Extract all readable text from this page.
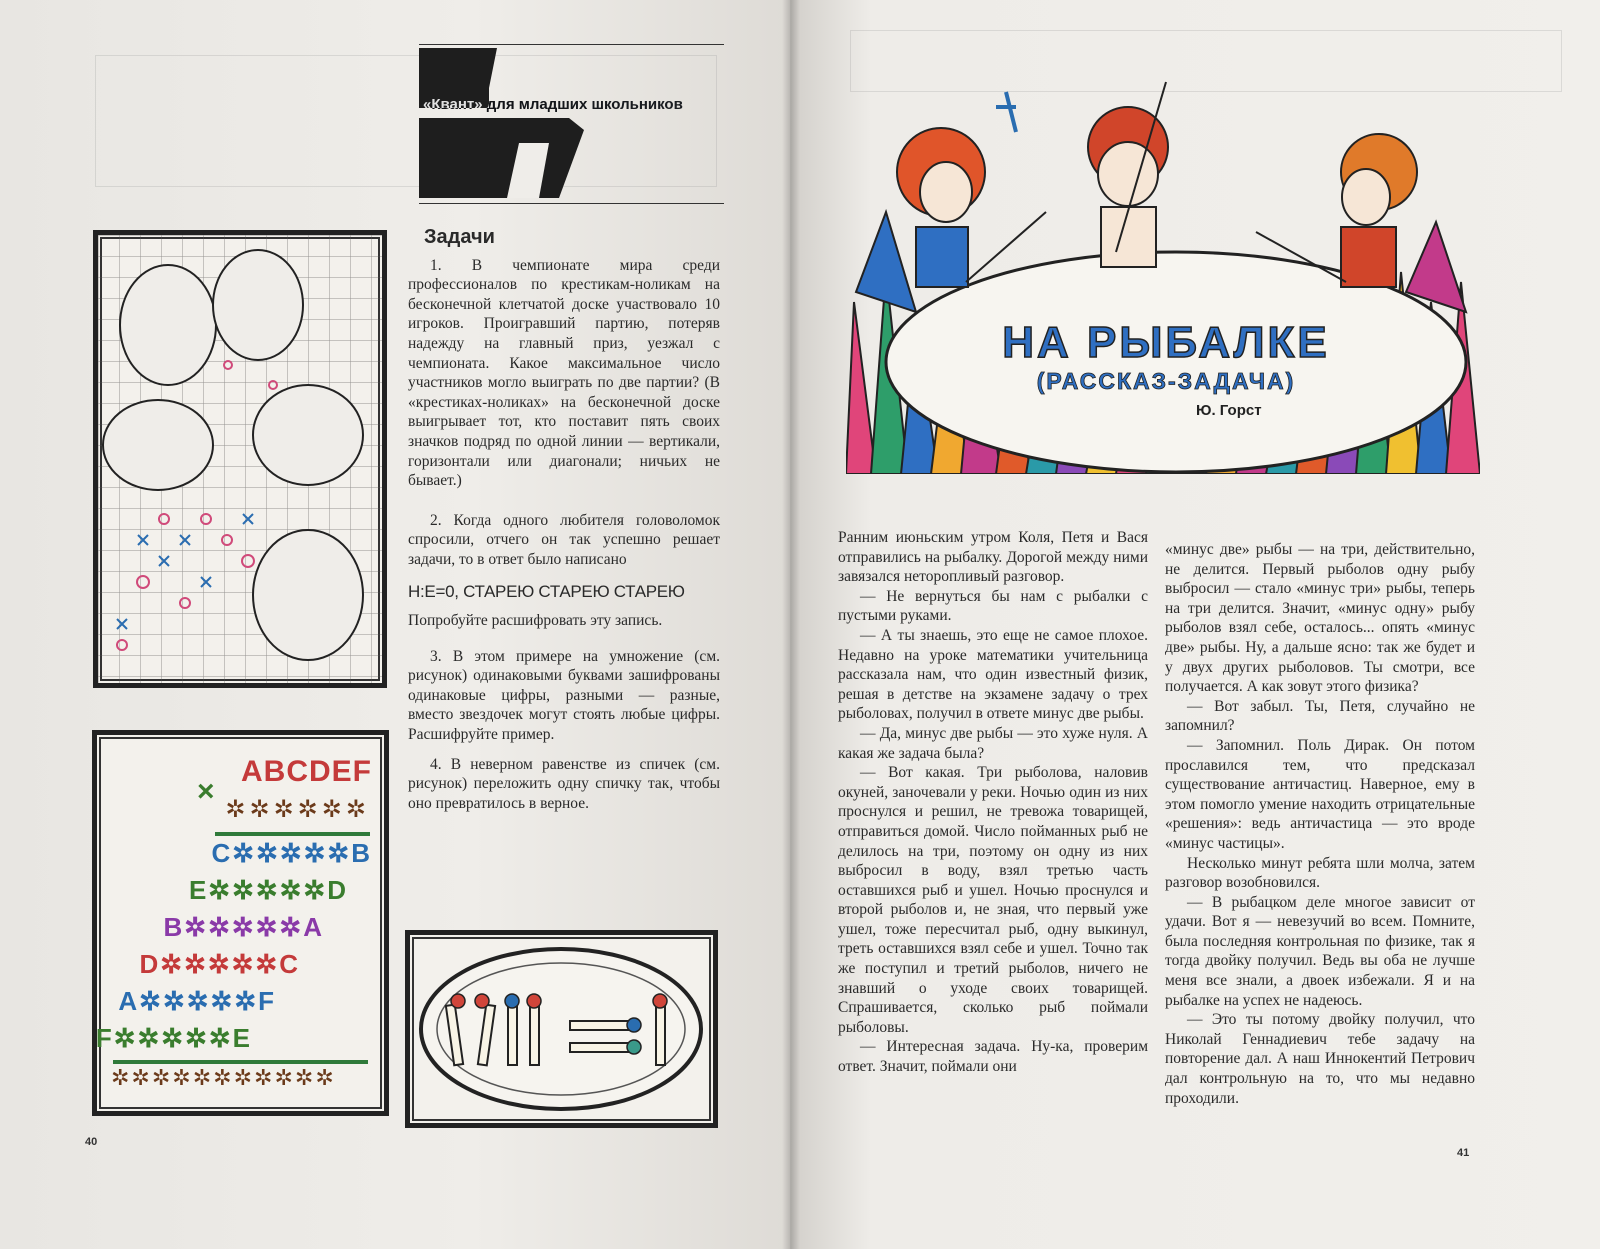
«Квант» для младших школьников
Задачи

1. В чемпионате мира среди профессионалов по крестикам-ноликам на бесконечной клетчатой доске участвовало 10 игроков. Проигравший партию, потеряв надежду на главный приз, уезжал с чемпионата. Какое максимальное число участников могло выиграть по две партии? (В «крестиках-ноликах» на бесконечной доске выигрывает тот, кто поставит пять своих значков подряд по одной линии — вертикали, горизонтали или диагонали; ничьих не бывает.)

2. Когда одного любителя головоломок спросили, отчего он так успешно решает задачи, то в ответ было написано

Н:Е=0, СТАРЕЮ СТАРЕЮ СТАРЕЮ

Попробуйте расшифровать эту запись.

3. В этом примере на умножение (см. рисунок) одинаковыми буквами зашифрованы одинаковые цифры, разными — разные, вместо звездочек могут стоять любые цифры. Расшифруйте пример.

4. В неверном равенстве из спичек (см. рисунок) переложить одну спичку так, чтобы оно превратилось в верное.

×
ABCDEF
✲✲✲✲✲✲
C✲✲✲✲✲B
E✲✲✲✲✲D
B✲✲✲✲✲A
D✲✲✲✲✲C
A✲✲✲✲✲F
F✲✲✲✲✲E
✲✲✲✲✲✲✲✲✲✲✲
40
НА РЫБАЛКЕ
(РАССКАЗ-ЗАДАЧА)
Ю. Горст

Ранним июньским утром Коля, Петя и Вася отправились на рыбалку. Дорогой между ними завязался неторопливый разговор.

— Не вернуться бы нам с рыбалки с пустыми руками.

— А ты знаешь, это еще не самое плохое. Недавно на уроке математики учительница рассказала нам, что один известный физик, решая в детстве на экзамене задачу о трех рыболовах, получил в ответе минус две рыбы.

— Да, минус две рыбы — это хуже нуля. А какая же задача была?

— Вот какая. Три рыболова, наловив окуней, заночевали у реки. Ночью один из них проснулся и решил, не тревожа товарищей, отправиться домой. Число пойманных рыб не делилось на три, поэтому он одну из них выбросил в воду, взял третью часть оставшихся рыб и ушел. Ночью проснулся и второй рыболов и, не зная, что первый уже ушел, тоже пересчитал рыб, одну выкинул, треть оставшихся взял себе и ушел. Точно так же поступил и третий рыболов, ничего не знавший о уходе своих товарищей. Спрашивается, сколько рыб поймали рыболовы.

— Интересная задача. Ну-ка, проверим ответ. Значит, поймали они

«минус две» рыбы — на три, действительно, не делится. Первый рыболов одну рыбу выбросил — стало «минус три» рыбы, теперь на три делится. Значит, «минус одну» рыбу рыболов взял себе, осталось... опять «минус две» рыбы. Ну, а дальше ясно: так же будет и у двух других рыболовов. Ты смотри, все получается. А как зовут этого физика?

— Вот забыл. Ты, Петя, случайно не запомнил?

— Запомнил. Поль Дирак. Он потом прославился тем, что предсказал существование античастиц. Наверное, ему в этом помогло умение находить отрицательные «решения»: ведь античастица — это вроде «минус частицы».

Несколько минут ребята шли молча, затем разговор возобновился.

— В рыбацком деле многое зависит от удачи. Вот я — невезучий во всем. Помните, была последняя контрольная по физике, так я тогда двойку получил. Ведь вы оба не лучше меня все знали, а двоек избежали. Я и на рыбалке на успех не надеюсь.

— Это ты потому двойку получил, что Николай Геннадиевич тебе задачу на повторение дал. А наш Иннокентий Петрович дал контрольную на то, что мы недавно проходили.

41
